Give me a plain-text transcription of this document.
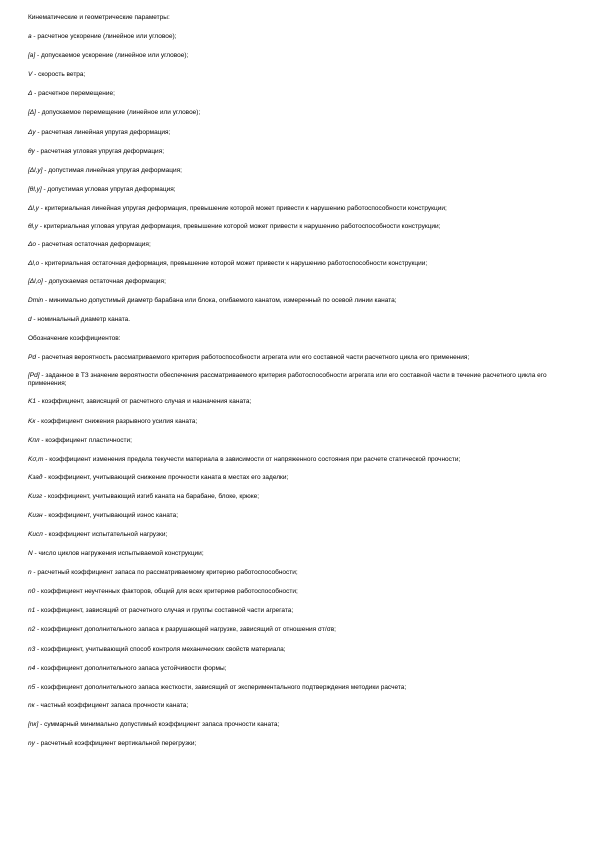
Кинематические и геометрические параметры:
a - расчетное ускорение (линейное или угловое);
[a] - допускаемое ускорение (линейное или угловое);
V - скорость ветра;
Δ - расчетное перемещение;
[Δ] - допускаемое перемещение (линейное или угловое);
Δy - расчетная линейная упругая деформация;
θy - расчетная угловая упругая деформация;
[Δl,y] - допустимая линейная упругая деформация;
[θl,y] - допустимая угловая упругая деформация;
Δl,y - критериальная линейная упругая деформация, превышение которой может привести к нарушению работоспособности конструкции;
θl,y - критериальная угловая упругая деформация, превышение которой может привести к нарушению работоспособности конструкции;
Δo - расчетная остаточная деформация;
Δl,o - критериальная остаточная деформация, превышение которой может привести к нарушению работоспособности конструкции;
[Δl,o] - допускаемая остаточная деформация;
Dmin - минимально допустимый диаметр барабана или блока, огибаемого канатом, измеренный по осевой линии каната;
d - номинальный диаметр каната.
Обозначение коэффициентов:
Pd - расчетная вероятность рассматриваемого критерия работоспособности агрегата или его составной части расчетного цикла его применения;
[Pd] - заданное в ТЗ значение вероятности обеспечения рассматриваемого критерия работоспособности агрегата или его составной части в течение расчетного цикла его применения;
K1 - коэффициент, зависящий от расчетного случая и назначения каната;
Kк - коэффициент снижения разрывного усилия каната;
Kпл - коэффициент пластичности;
Kσ,т - коэффициент изменения предела текучести материала в зависимости от напряженного состояния при расчете статической прочности;
Kзад - коэффициент, учитывающий снижение прочности каната в местах его заделки;
Kизг - коэффициент, учитывающий изгиб каната на барабане, блоке, крюке;
Kизн - коэффициент, учитывающий износ каната;
Kисп - коэффициент испытательной нагрузки;
N - число циклов нагружения испытываемой конструкции;
n - расчетный коэффициент запаса по рассматриваемому критерию работоспособности;
n0 - коэффициент неучтенных факторов, общий для всех критериев работоспособности;
n1 - коэффициент, зависящий от расчетного случая и группы составной части агрегата;
n2 - коэффициент дополнительного запаса к разрушающей нагрузке, зависящий от отношения σт/σв;
n3 - коэффициент, учитывающий способ контроля механических свойств материала;
n4 - коэффициент дополнительного запаса устойчивости формы;
n5 - коэффициент дополнительного запаса жесткости, зависящий от экспериментального подтверждения методики расчета;
nк - частный коэффициент запаса прочности каната;
[nк] - суммарный минимально допустимый коэффициент запаса прочности каната;
ny - расчетный коэффициент вертикальной перегрузки;
